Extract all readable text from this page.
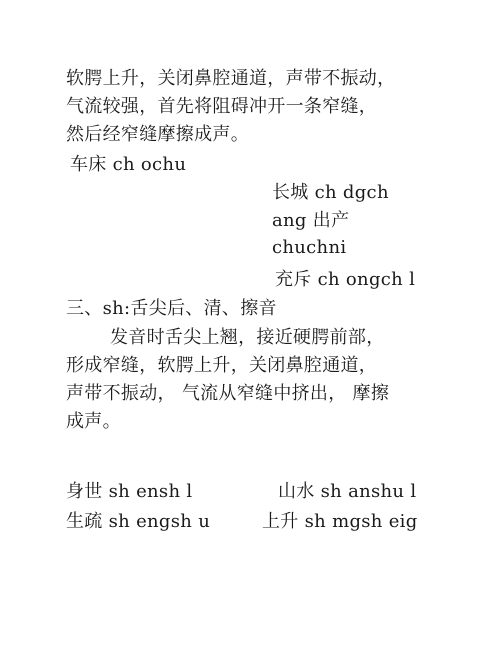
软腭上升，关闭鼻腔通道，声带不振动，
气流较强，首先将阻碍冲开一条窄缝，
然后经窄缝摩擦成声。
车床 ch ochu
长城 ch dgch
ang 出产
chuchni
充斥 ch ongch l
三、sh:舌尖后、清、擦音
发音时舌尖上翘，接近硬腭前部，
形成窄缝，软腭上升，关闭鼻腔通道，
声带不振动， 气流从窄缝中挤出， 摩擦
成声。
身世 sh ensh l	山水 sh anshu l
生疏 sh engsh u	上升 sh mgsh eig
